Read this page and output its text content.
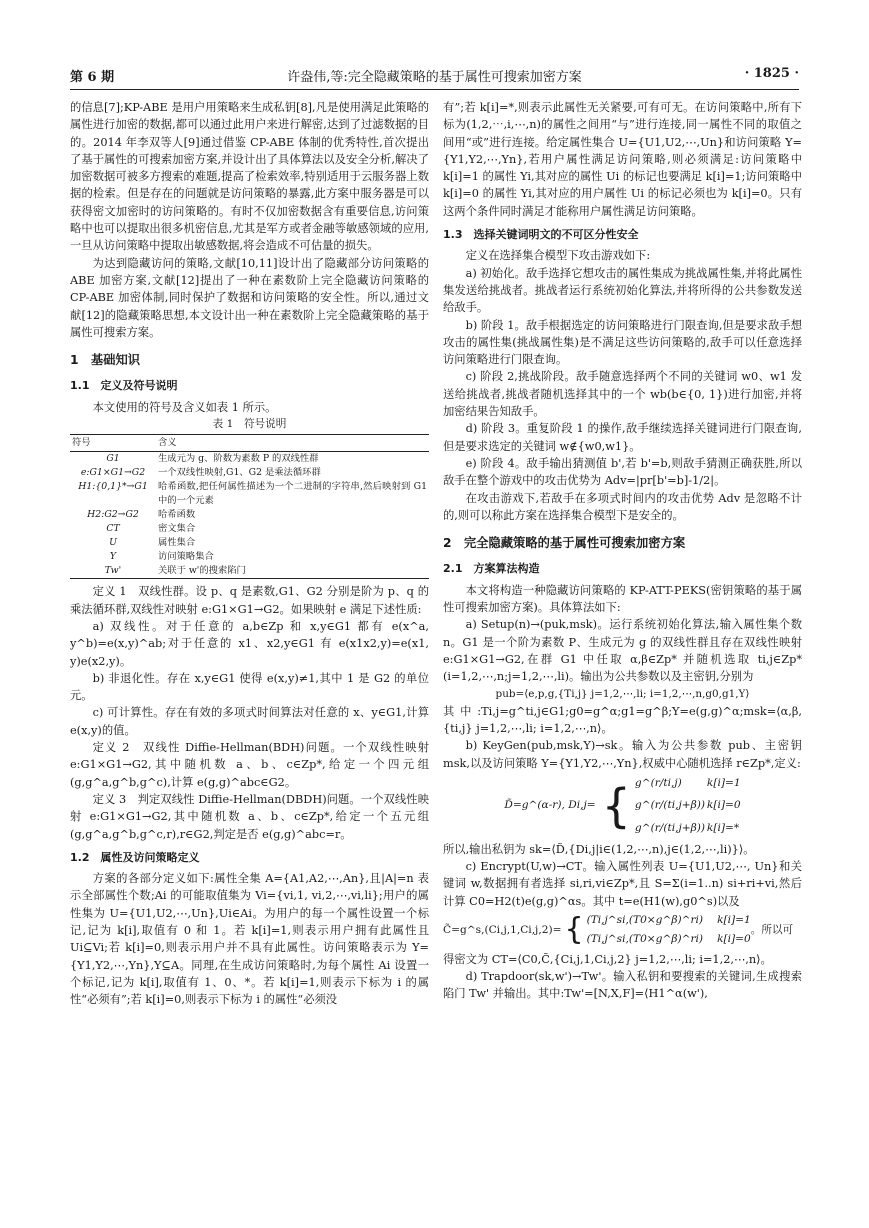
第 6 期	许盎伟,等:完全隐藏策略的基于属性可搜索加密方案	· 1825 ·

的信息[7];KP-ABE 是用户用策略来生成私钥[8],凡是使用满足此策略的属性进行加密的数据,都可以通过此用户来进行解密,达到了过滤数据的目的。2014 年李双等人[9]通过借鉴 CP-ABE 体制的优秀特性,首次提出了基于属性的可搜索加密方案,并设计出了具体算法以及安全分析,解决了加密数据可被多方搜索的难题,提高了检索效率,特别适用于云服务器上数据的检索。但是存在的问题就是访问策略的暴露,此方案中服务器是可以获得密文加密时的访问策略的。有时不仅加密数据含有重要信息,访问策略中也可以提取出很多机密信息,尤其是军方或者金融等敏感领域的应用,一旦从访问策略中提取出敏感数据,将会造成不可估量的损失。

为达到隐藏访问的策略,文献[10,11]设计出了隐藏部分访问策略的 ABE 加密方案,文献[12]提出了一种在素数阶上完全隐藏访问策略的 CP-ABE 加密体制,同时保护了数据和访问策略的安全性。所以,通过文献[12]的隐藏策略思想,本文设计出一种在素数阶上完全隐藏策略的基于属性可搜索方案。

1　基础知识
1.1　定义及符号说明

本文使用的符号及含义如表 1 所示。

表 1　符号说明

符号	含义
G1	生成元为 g、阶数为素数 P 的双线性群
e:G1×G1→G2	一个双线性映射,G1、G2 是乘法循环群
H1:{0,1}*→G1	哈希函数,把任何属性描述为一个二进制的字符串,然后映射到 G1 中的一个元素
H2:G2→G2	哈希函数
CT	密文集合
U	属性集合
Y	访问策略集合
Tw'	关联于 w'的搜索陷门

定义 1　双线性群。设 p、q 是素数,G1、G2 分别是阶为 p、q 的乘法循环群,双线性对映射 e:G1×G1→G2。如果映射 e 满足下述性质:

a) 双线性。对于任意的 a,b∈Zp 和 x,y∈G1 都有 e(x^a, y^b)=e(x,y)^ab;对于任意的 x1、x2,y∈G1 有 e(x1x2,y)=e(x1, y)e(x2,y)。

b) 非退化性。存在 x,y∈G1 使得 e(x,y)≠1,其中 1 是 G2 的单位元。

c) 可计算性。存在有效的多项式时间算法对任意的 x、y∈G1,计算 e(x,y)的值。

定义 2　双线性 Diffie-Hellman(BDH)问题。一个双线性映射 e:G1×G1→G2,其中随机数 a、b、c∈Zp*,给定一个四元组(g,g^a,g^b,g^c),计算 e(g,g)^abc∈G2。

定义 3　判定双线性 Diffie-Hellman(DBDH)问题。一个双线性映射 e:G1×G1→G2,其中随机数 a、b、c∈Zp*,给定一个五元组(g,g^a,g^b,g^c,r),r∈G2,判定是否 e(g,g)^abc=r。

1.2　属性及访问策略定义

方案的各部分定义如下:属性全集 A={A1,A2,⋯,An},且|A|=n 表示全部属性个数;Ai 的可能取值集为 Vi={vi,1, vi,2,⋯,vi,li};用户的属性集为 U={U1,U2,⋯,Un},Ui∈Ai。为用户的每一个属性设置一个标记,记为 k[i],取值有 0 和 1。若 k[i]=1,则表示用户拥有此属性且 Ui⊆Vi;若 k[i]=0,则表示用户并不具有此属性。访问策略表示为 Y={Y1,Y2,⋯,Yn},Y⊆A。同理,在生成访问策略时,为每个属性 Ai 设置一个标记,记为 k[i],取值有 1、0、*。若 k[i]=1,则表示下标为 i 的属性“必须有”;若 k[i]=0,则表示下标为 i 的属性“必须没

有”;若 k[i]=*,则表示此属性无关紧要,可有可无。在访问策略中,所有下标为(1,2,⋯,i,⋯,n)的属性之间用“与”进行连接,同一属性不同的取值之间用“或”进行连接。给定属性集合 U={U1,U2,⋯,Un}和访问策略 Y={Y1,Y2,⋯,Yn},若用户属性满足访问策略,则必须满足:访问策略中 k[i]=1 的属性 Yi,其对应的属性 Ui 的标记也要满足 k[i]=1;访问策略中 k[i]=0 的属性 Yi,其对应的用户属性 Ui 的标记必须也为 k[i]=0。只有这两个条件同时满足才能称用户属性满足访问策略。

1.3　选择关键词明文的不可区分性安全

定义在选择集合模型下攻击游戏如下:

a) 初始化。敌手选择它想攻击的属性集成为挑战属性集,并将此属性集发送给挑战者。挑战者运行系统初始化算法,并将所得的公共参数发送给敌手。

b) 阶段 1。敌手根据选定的访问策略进行门限查询,但是要求敌手想攻击的属性集(挑战属性集)是不满足这些访问策略的,敌手可以任意选择访问策略进行门限查询。

c) 阶段 2,挑战阶段。敌手随意选择两个不同的关键词 w0、w1 发送给挑战者,挑战者随机选择其中的一个 wb(b∈{0, 1})进行加密,并将加密结果告知敌手。

d) 阶段 3。重复阶段 1 的操作,敌手继续选择关键词进行门限查询,但是要求选定的关键词 w∉{w0,w1}。

e) 阶段 4。敌手输出猜测值 b',若 b'=b,则敌手猜测正确获胜,所以敌手在整个游戏中的攻击优势为 Adv=|pr[b'=b]-1/2|。

在攻击游戏下,若敌手在多项式时间内的攻击优势 Adv 是忽略不计的,则可以称此方案在选择集合模型下是安全的。

2　完全隐藏策略的基于属性可搜索加密方案
2.1　方案算法构造

本文将构造一种隐藏访问策略的 KP-ATT-PEKS(密钥策略的基于属性可搜索加密方案)。具体算法如下:

a) Setup(n)→(puk,msk)。运行系统初始化算法,输入属性集个数 n。G1 是一个阶为素数 P、生成元为 g 的双线性群且存在双线性映射 e:G1×G1→G2,在群 G1 中任取 α,β∈Zp* 并随机选取 ti,j∈Zp*(i=1,2,⋯,n;j=1,2,⋯,li)。输出为公共参数以及主密钥,分别为

pub=⟨e,p,g,{Ti,j} j=1,2,⋯,li; i=1,2,⋯,n,g0,g1,Y⟩

其中:Ti,j=g^ti,j∈G1;g0=g^α;g1=g^β;Y=e(g,g)^α;msk=⟨α,β, {ti,j} j=1,2,⋯,li; i=1,2,⋯,n⟩。

b) KeyGen(pub,msk,Y)→sk。输入为公共参数 pub、主密钥 msk,以及访问策略 Y={Y1,Y2,⋯,Yn},权威中心随机选择 r∈Zp*,定义:

D̃=g^(α-r), Di,j= { g^(r/ti,j) k[i]=1
g^(r/(ti,j+β)) k[i]=0
g^(r/(ti,j+β)) k[i]=*

所以,输出私钥为 sk=⟨D̃,{Di,j|i∈(1,2,⋯,n),j∈(1,2,⋯,li)}⟩。

c) Encrypt(U,w)→CT。输入属性列表 U={U1,U2,⋯, Un}和关键词 w,数据拥有者选择 si,ri,vi∈Zp*,且 S=Σ(i=1..n) si+ri+vi,然后计算 C0=H2(t)e(g,g)^αs。其中 t=e(H1(w),g0^s)以及

C̃=g^s,(Ci,j,1,Ci,j,2)= { (Ti,j^si,(T0×g^β)^ri) k[i]=1
(Ti,j^si,(T0×g^β)^ri) k[i]=0
。所以可

得密文为 CT=⟨C0,C̃,{Ci,j,1,Ci,j,2} j=1,2,⋯,li; i=1,2,⋯,n⟩。

d) Trapdoor(sk,w')→Tw'。输入私钥和要搜索的关键词,生成搜索陷门 Tw' 并输出。其中:Tw'=[N,X,F]=⟨H1^α(w'),
